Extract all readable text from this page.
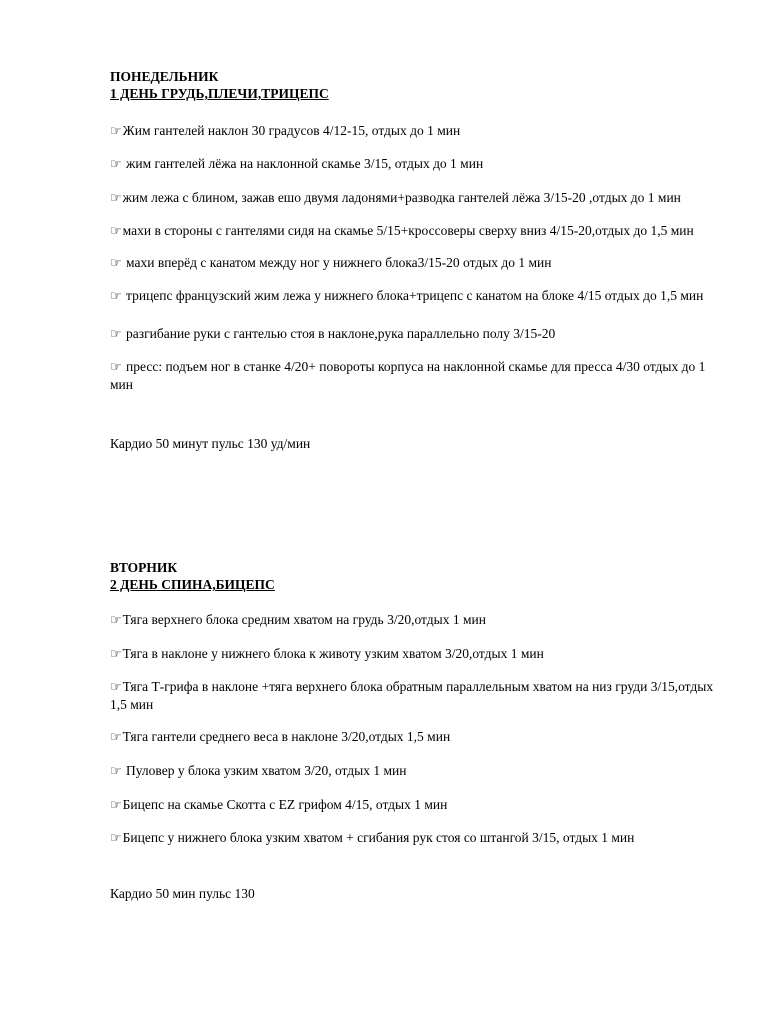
ПОНЕДЕЛЬНИК

1 ДЕНЬ ГРУДЬ,ПЛЕЧИ,ТРИЦЕПС

☞Жим гантелей наклон 30 градусов 4/12-15, отдых до 1 мин
☞ жим гантелей лёжа на наклонной скамье 3/15, отдых до 1 мин
☞жим лежа с блином, зажав ешо двумя ладонями+разводка гантелей лёжа 3/15-20 ,отдых до 1 мин
☞махи в стороны с гантелями сидя на скамье 5/15+кроссоверы сверху вниз 4/15-20,отдых до 1,5 мин
☞ махи вперёд с канатом между ног у нижнего блока3/15-20 отдых до 1 мин
☞ трицепс французский жим лежа у нижнего блока+трицепс с канатом на блоке 4/15 отдых до 1,5 мин
☞ разгибание руки с гантелью стоя в наклоне,рука параллельно полу 3/15-20
☞ пресс: подъем ног в станке 4/20+ повороты корпуса на наклонной скамье для пресса 4/30 отдых до 1 мин

Кардио 50 минут пульс 130 уд/мин

ВТОРНИК

2 ДЕНЬ СПИНА,БИЦЕПС

☞Тяга верхнего блока средним хватом на грудь 3/20,отдых 1 мин
☞Тяга в наклоне у нижнего блока к животу узким хватом 3/20,отдых 1 мин
☞Тяга Т-грифа в наклоне +тяга верхнего блока обратным параллельным хватом на низ груди 3/15,отдых 1,5 мин
☞Тяга гантели среднего веса в наклоне 3/20,отдых 1,5 мин
☞ Пуловер у блока узким хватом 3/20, отдых 1 мин
☞Бицепс на скамье Скотта с EZ грифом 4/15, отдых 1 мин
☞Бицепс у нижнего блока узким хватом + сгибания рук стоя со штангой 3/15, отдых 1 мин

Кардио 50 мин пульс 130
